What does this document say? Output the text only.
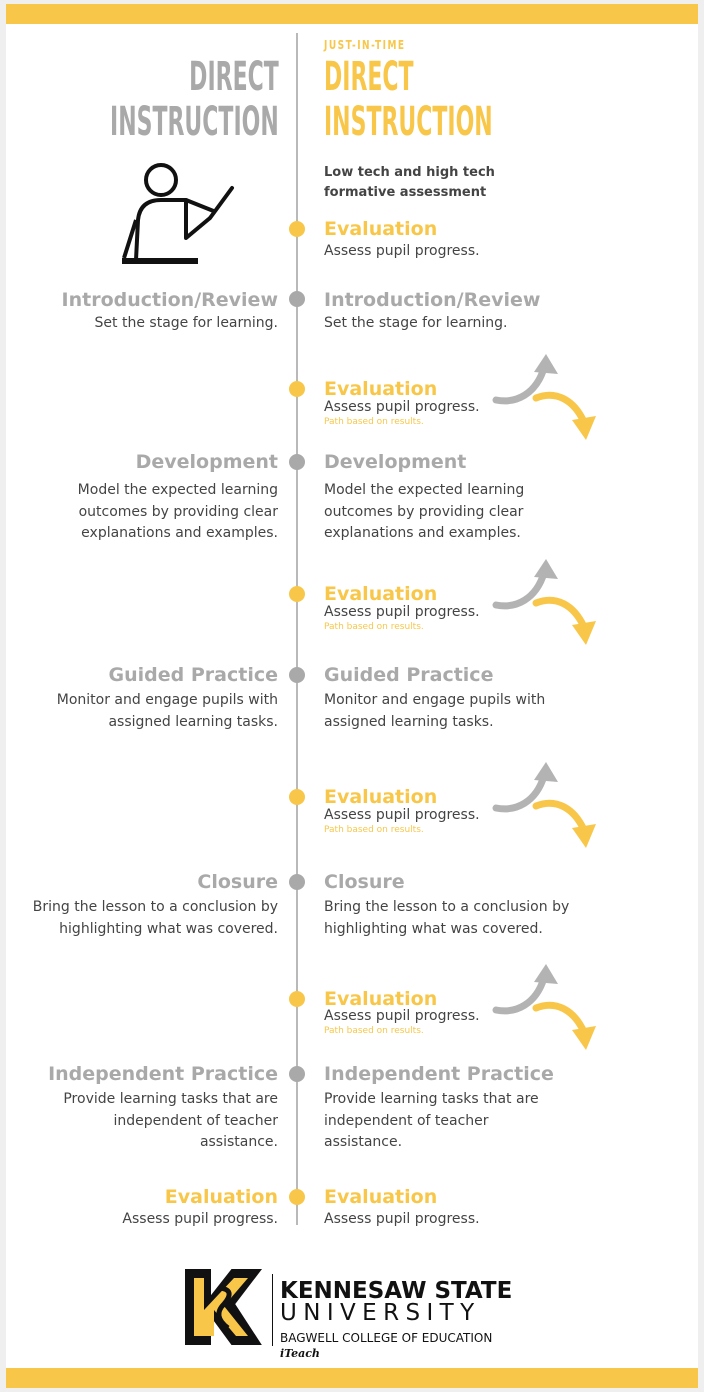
DIRECT
INSTRUCTION
JUST-IN-TIME
DIRECT
INSTRUCTION
Low tech and high tech formative assessment
Evaluation
Assess pupil progress.
Introduction/Review
Set the stage for learning.
Introduction/Review
Set the stage for learning.
Evaluation
Assess pupil progress.
Path based on results.
Development
Model the expected learning outcomes by providing clear explanations and examples.
Development
Model the expected learning outcomes by providing clear explanations and examples.
Evaluation
Assess pupil progress.
Path based on results.
Guided Practice
Monitor and engage pupils with assigned learning tasks.
Guided Practice
Monitor and engage pupils with assigned learning tasks.
Evaluation
Assess pupil progress.
Path based on results.
Closure
Bring the lesson to a conclusion by highlighting what was covered.
Closure
Bring the lesson to a conclusion by highlighting what was covered.
Evaluation
Assess pupil progress.
Path based on results.
Independent Practice
Provide learning tasks that are independent of teacher assistance.
Independent Practice
Provide learning tasks that are independent of teacher assistance.
Evaluation
Assess pupil progress.
Evaluation
Assess pupil progress.
KENNESAW STATE
UNIVERSITY
BAGWELL COLLEGE OF EDUCATION
iTeach
